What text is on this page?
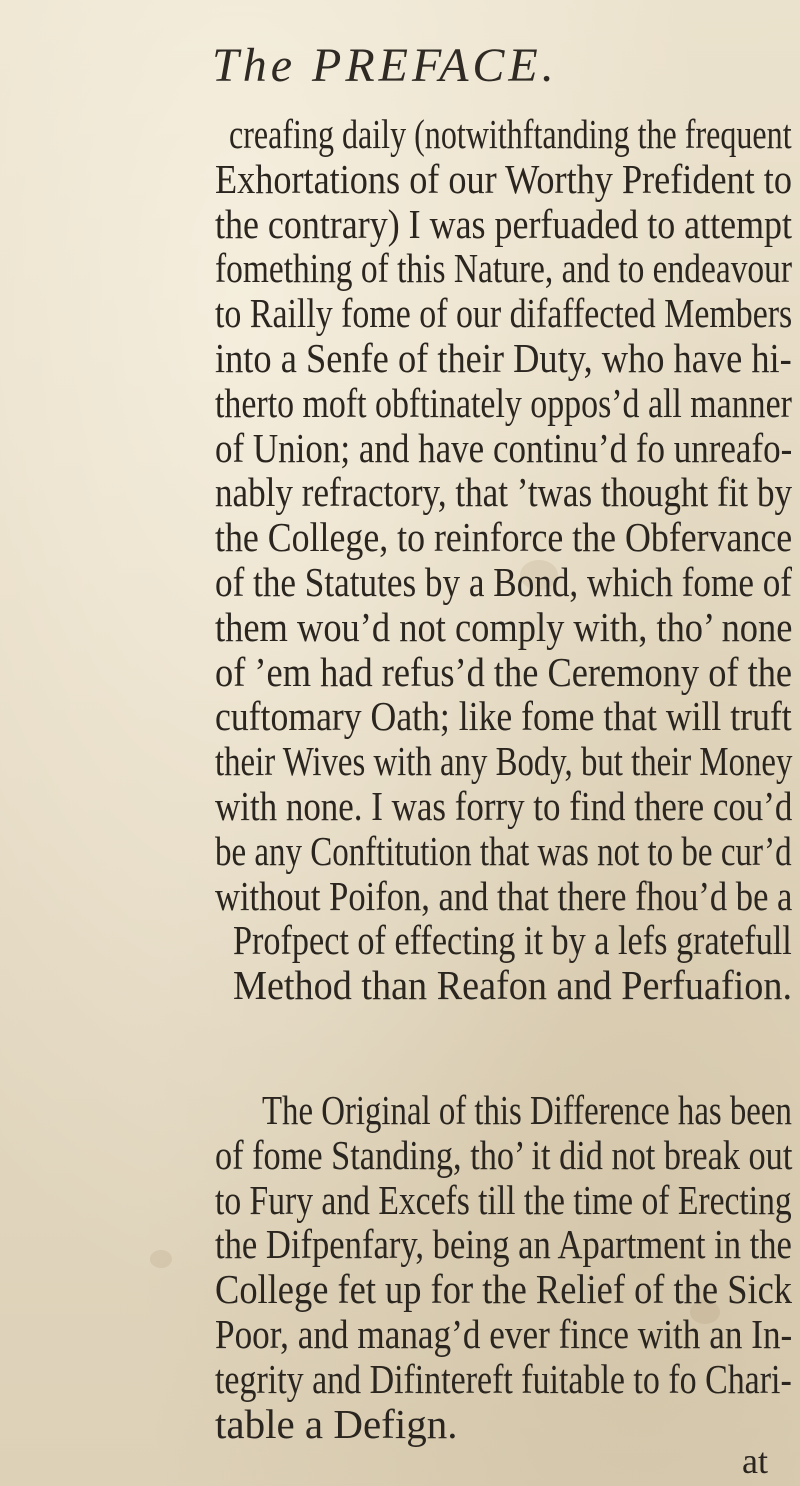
The PREFACE.
creafing daily (notwithftanding the frequent
Exhortations of our Worthy Prefident to
the contrary) I was perfuaded to attempt
fomething of this Nature, and to endeavour
to Railly fome of our difaffected Members
into a Senfe of their Duty, who have hi-
therto moft obftinately oppos’d all manner
of Union; and have continu’d fo unreafo-
nably refractory, that ’twas thought fit by
the College, to reinforce the Obfervance
of the Statutes by a Bond, which fome of
them wou’d not comply with, tho’ none
of ’em had refus’d the Ceremony of the
cuftomary Oath; like fome that will truft
their Wives with any Body, but their Money
with none. I was forry to find there cou’d
be any Conftitution that was not to be cur’d
without Poifon, and that there fhou’d be a
Profpect of effecting it by a lefs gratefull
Method than Reafon and Perfuafion.
The Original of this Difference has been
of fome Standing, tho’ it did not break out
to Fury and Excefs till the time of Erecting
the Difpenfary, being an Apartment in the
College fet up for the Relief of the Sick
Poor, and manag’d ever fince with an In-
tegrity and Difintereft fuitable to fo Chari-
table a Defign.
at
